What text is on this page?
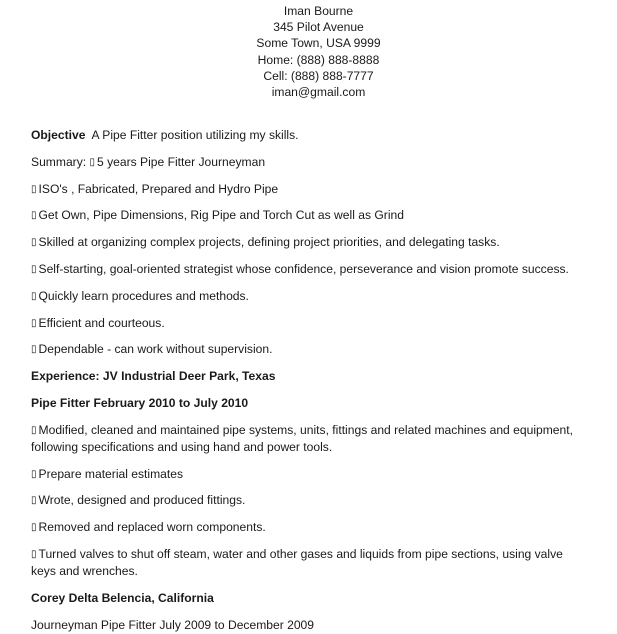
Iman Bourne
345 Pilot Avenue
Some Town, USA 9999
Home: (888) 888-8888
Cell: (888) 888-7777
iman@gmail.com

Objective A Pipe Fitter position utilizing my skills.

Summary: ▯ 5 years Pipe Fitter Journeyman

▯ ISO's , Fabricated, Prepared and Hydro Pipe

▯ Get Own, Pipe Dimensions, Rig Pipe and Torch Cut as well as Grind

▯ Skilled at organizing complex projects, defining project priorities, and delegating tasks.

▯ Self-starting, goal-oriented strategist whose confidence, perseverance and vision promote success.

▯ Quickly learn procedures and methods.

▯ Efficient and courteous.

▯ Dependable - can work without supervision.

Experience: JV Industrial Deer Park, Texas

Pipe Fitter February 2010 to July 2010

▯ Modified, cleaned and maintained pipe systems, units, fittings and related machines and equipment, following specifications and using hand and power tools.

▯ Prepare material estimates

▯ Wrote, designed and produced fittings.

▯ Removed and replaced worn components.

▯ Turned valves to shut off steam, water and other gases and liquids from pipe sections, using valve keys and wrenches.

Corey Delta Belencia, California

Journeyman Pipe Fitter July 2009 to December 2009
